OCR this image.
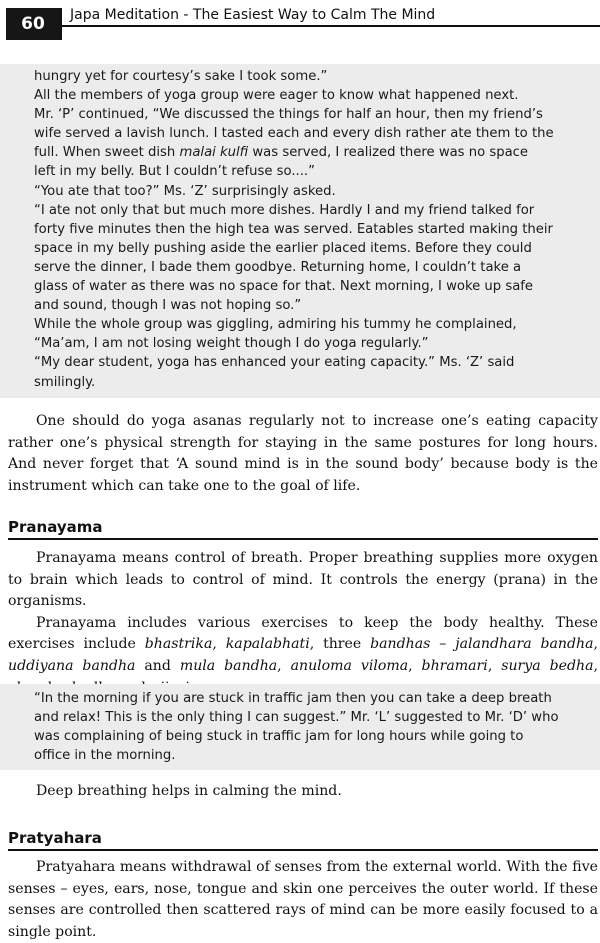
60	Japa Meditation - The Easiest Way to Calm The Mind

hungry yet for courtesy’s sake I took some.”

All the members of yoga group were eager to know what happened next.

Mr. ‘P’ continued, “We discussed the things for half an hour, then my friend’s

wife served a lavish lunch. I tasted each and every dish rather ate them to the

full. When sweet dish malai kulfi was served, I realized there was no space

left in my belly. But I couldn’t refuse so....”

“You ate that too?” Ms. ‘Z’ surprisingly asked.

“I ate not only that but much more dishes. Hardly I and my friend talked for

forty five minutes then the high tea was served. Eatables started making their

space in my belly pushing aside the earlier placed items. Before they could

serve the dinner, I bade them goodbye. Returning home, I couldn’t take a

glass of water as there was no space for that. Next morning, I woke up safe

and sound, though I was not hoping so.”

While the whole group was giggling, admiring his tummy he complained,

“Ma’am, I am not losing weight though I do yoga regularly.”

“My dear student, yoga has enhanced your eating capacity.” Ms. ‘Z’ said

smilingly.

One should do yoga asanas regularly not to increase one’s eating capacity rather one’s physical strength for staying in the same postures for long hours. And never forget that ‘A sound mind is in the sound body’ because body is the instrument which can take one to the goal of life.

Pranayama

Pranayama means control of breath. Proper breathing supplies more oxygen to brain which leads to control of mind. It controls the energy (prana) in the organisms.

Pranayama includes various exercises to keep the body healthy. These exercises include bhastrika, kapalabhati, three bandhas – jalandhara bandha, uddiyana bandha and mula bandha, anuloma viloma, bhramari, surya bedha,

“In the morning if you are stuck in traffic jam then you can take a deep breath

and relax! This is the only thing I can suggest.” Mr. ‘L’ suggested to Mr. ‘D’ who

was complaining of being stuck in traffic jam for long hours while going to

office in the morning.

Deep breathing helps in calming the mind.

Pratyahara

Pratyahara means withdrawal of senses from the external world. With the five senses – eyes, ears, nose, tongue and skin one perceives the outer world. If these senses are controlled then scattered rays of mind can be more easily focused to a single point.
